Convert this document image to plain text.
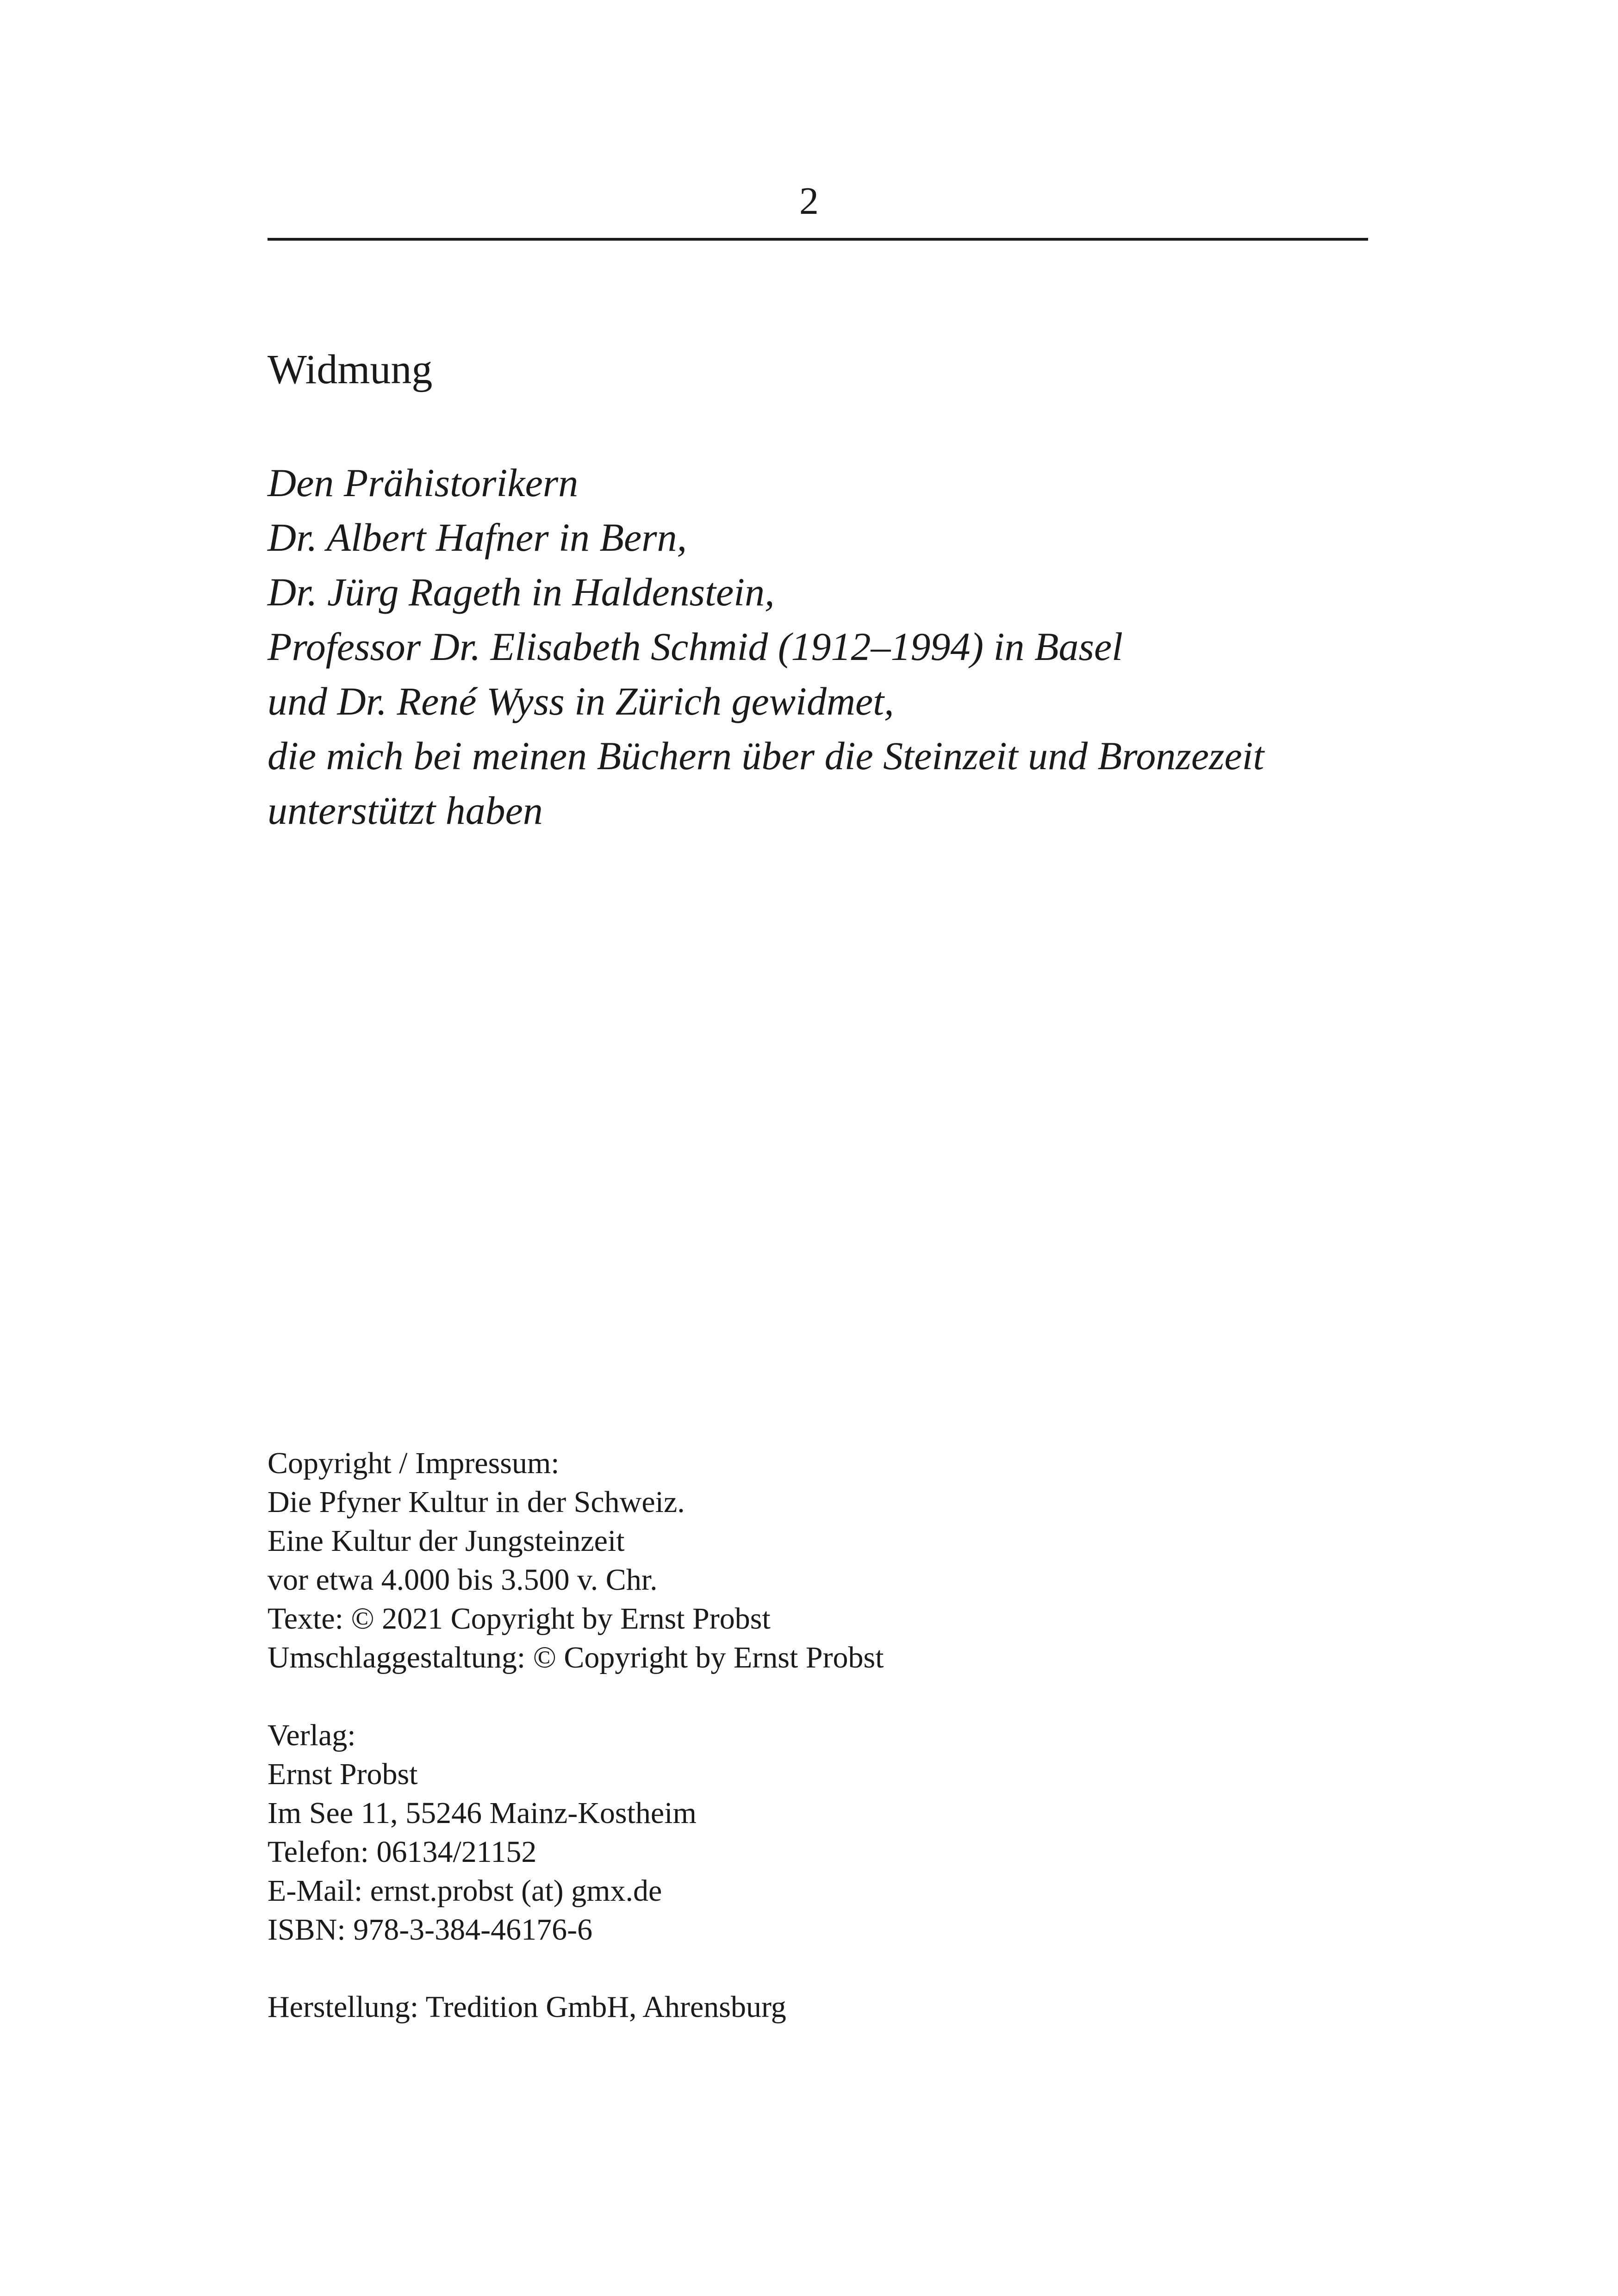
2
Widmung
Den Prähistorikern
Dr. Albert Hafner in Bern,
Dr. Jürg Rageth in Haldenstein,
Professor Dr. Elisabeth Schmid (1912–1994) in Basel
und Dr. René Wyss in Zürich gewidmet,
die mich bei meinen Büchern über die Steinzeit und Bronzezeit
unterstützt haben
Copyright / Impressum:
Die Pfyner Kultur in der Schweiz.
Eine Kultur der Jungsteinzeit
vor etwa 4.000 bis 3.500 v. Chr.
Texte: © 2021 Copyright by Ernst Probst
Umschlaggestaltung: © Copyright by Ernst Probst
Verlag:
Ernst Probst
Im See 11, 55246 Mainz-Kostheim
Telefon: 06134/21152
E-Mail: ernst.probst (at) gmx.de
ISBN: 978-3-384-46176-6
Herstellung: Tredition GmbH, Ahrensburg
